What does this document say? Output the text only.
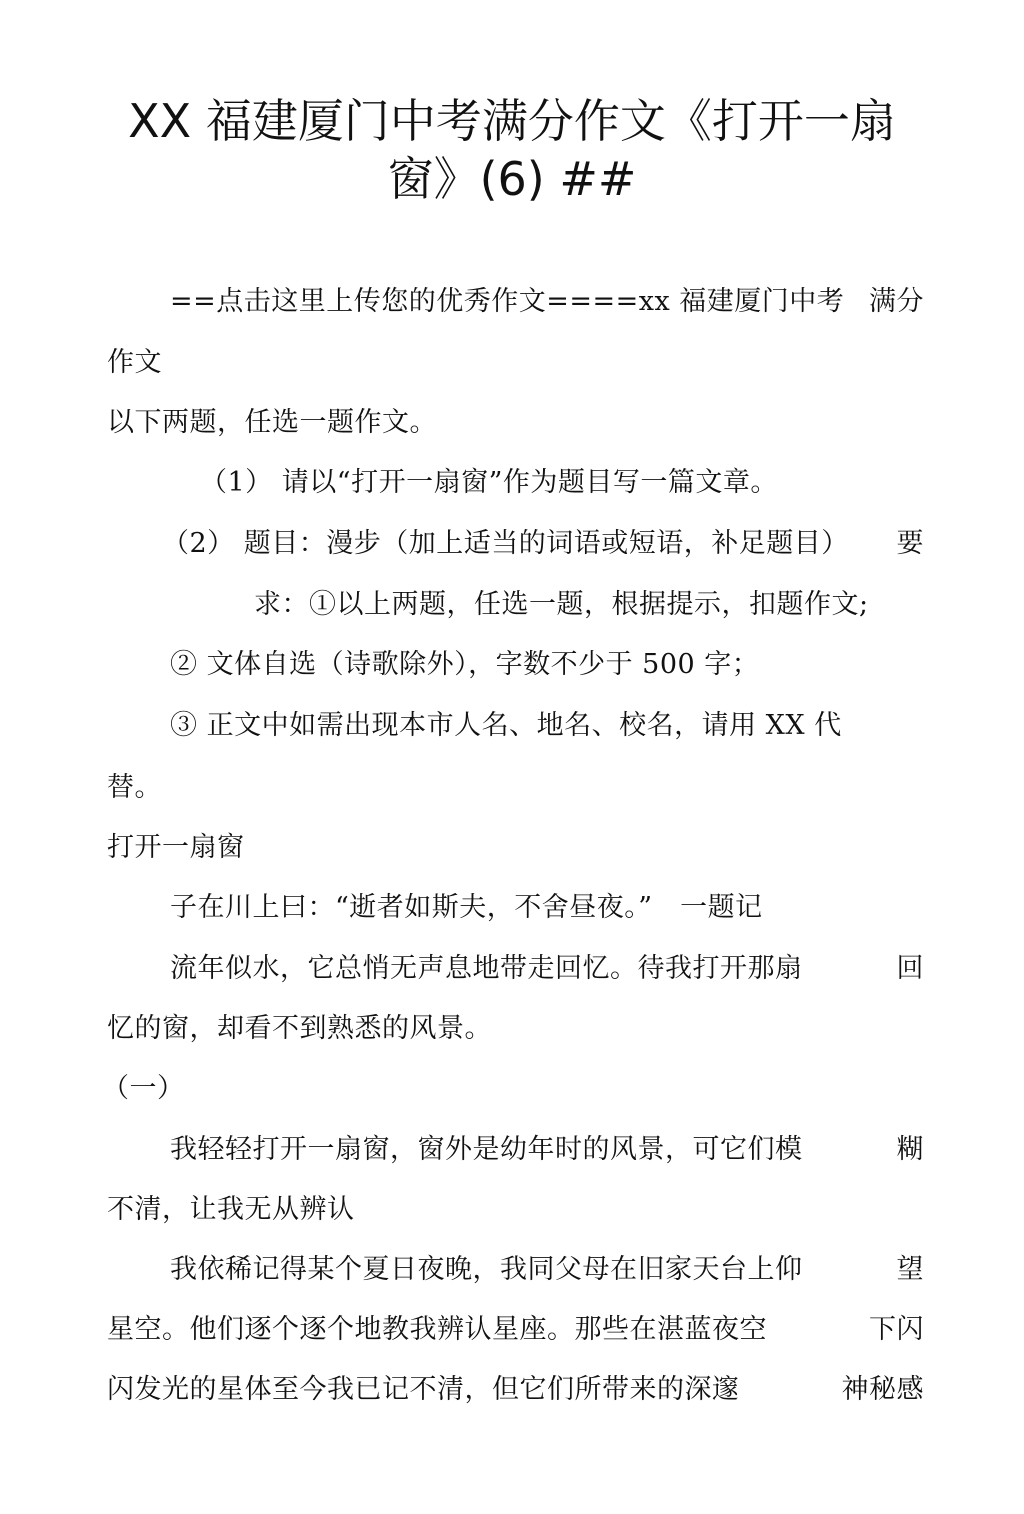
XX 福建厦门中考满分作文《打开一扇
窗》(6) ##
==点击这里上传您的优秀作文====xx 福建厦门中考 满分
作文
以下两题，任选一题作文。
（1） 请以“打开一扇窗”作为题目写一篇文章。
（2） 题目：漫步（加上适当的词语或短语，补足题目） 要
求：①以上两题，任选一题，根据提示，扣题作文;
② 文体自选（诗歌除外），字数不少于 500 字；
③ 正文中如需出现本市人名、地名、校名，请用 XX 代
替。
打开一扇窗
子在川上曰：“逝者如斯夫，不舍昼夜。”　一题记
流年似水，它总悄无声息地带走回忆。待我打开那扇	回
忆的窗，却看不到熟悉的风景。
（一）
我轻轻打开一扇窗，窗外是幼年时的风景，可它们模	糊
不清，让我无从辨认
我依稀记得某个夏日夜晚，我同父母在旧家天台上仰	望
星空。他们逐个逐个地教我辨认星座。那些在湛蓝夜空	下闪
闪发光的星体至今我已记不清，但它们所带来的深邃	神秘感
